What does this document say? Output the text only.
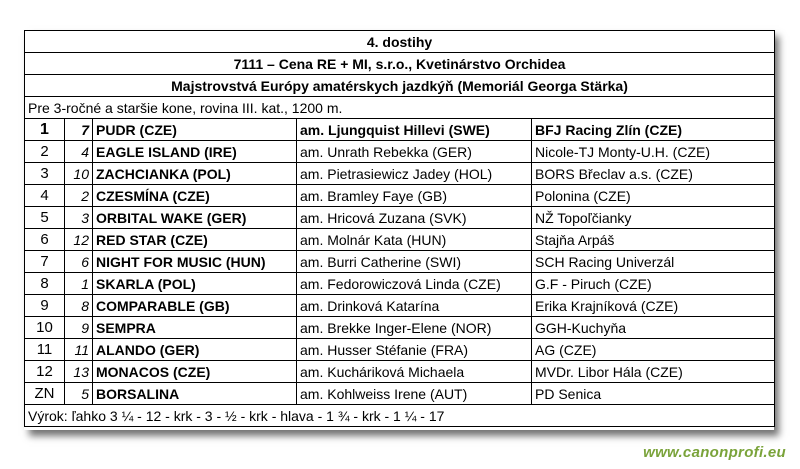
4. dostihy				
7111 – Cena RE + MI, s.r.o., Kvetinárstvo Orchidea				
Majstrovstvá Európy amatérskych jazdkýň (Memoriál Georga Stärka)				
Pre 3-ročné a staršie kone, rovina III. kat., 1200 m.				
1	7	PUDR (CZE)	am. Ljungquist Hillevi (SWE)	BFJ Racing Zlín (CZE)
2	4	EAGLE ISLAND (IRE)	am. Unrath Rebekka (GER)	Nicole-TJ Monty-U.H. (CZE)
3	10	ZACHCIANKA (POL)	am. Pietrasiewicz Jadey (HOL)	BORS Břeclav a.s. (CZE)
4	2	CZESMÍNA (CZE)	am. Bramley Faye (GB)	Polonina (CZE)
5	3	ORBITAL WAKE (GER)	am. Hricová Zuzana (SVK)	NŽ Topoľčianky
6	12	RED STAR (CZE)	am. Molnár Kata (HUN)	Stajňa Arpáš
7	6	NIGHT FOR MUSIC (HUN)	am. Burri Catherine (SWI)	SCH Racing Univerzál
8	1	SKARLA (POL)	am. Fedorowiczová Linda (CZE)	G.F - Piruch (CZE)
9	8	COMPARABLE (GB)	am. Drinková Katarína	Erika Krajníková (CZE)
10	9	SEMPRA	am. Brekke Inger-Elene (NOR)	GGH-Kuchyňa
11	11	ALANDO (GER)	am. Husser Stéfanie (FRA)	AG (CZE)
12	13	MONACOS (CZE)	am. Kucháriková Michaela	MVDr. Libor Hála (CZE)
ZN	5	BORSALINA	am. Kohlweiss Irene (AUT)	PD Senica
Výrok: ľahko 3 ¼ - 12 - krk - 3 - ½ - krk - hlava - 1 ¾ - krk - 1 ¼ - 17				
www.canonprofi.eu
